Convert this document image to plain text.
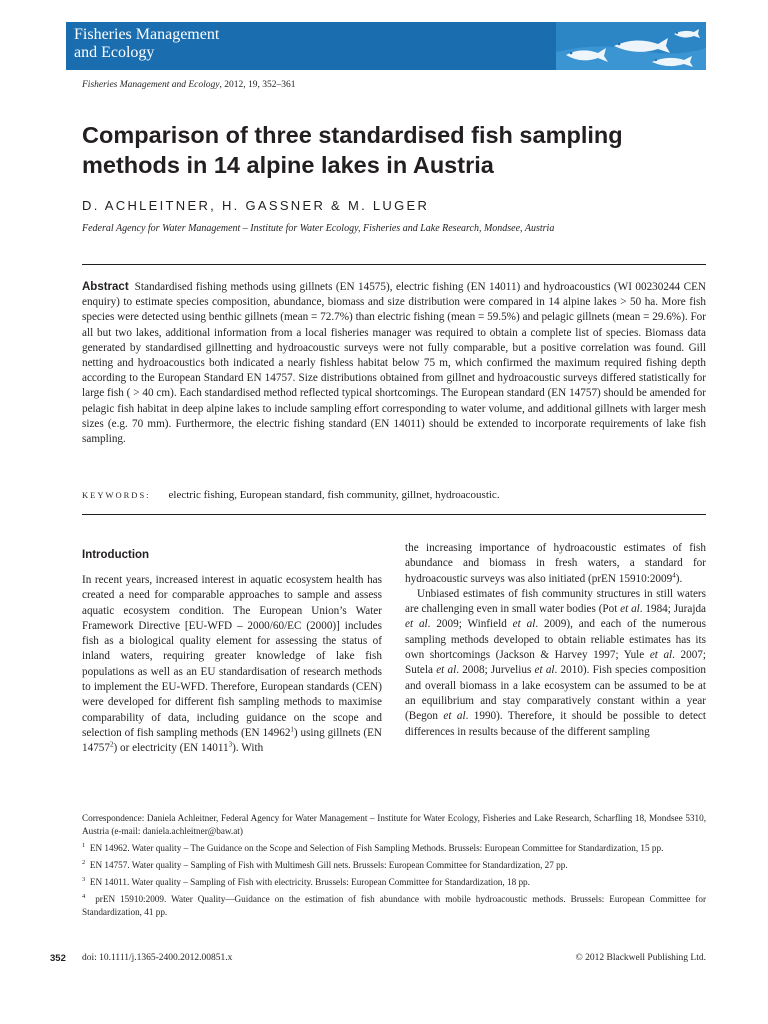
Fisheries Management
and Ecology
Fisheries Management and Ecology, 2012, 19, 352–361
Comparison of three standardised fish sampling methods in 14 alpine lakes in Austria
D. ACHLEITNER, H. GASSNER & M. LUGER
Federal Agency for Water Management – Institute for Water Ecology, Fisheries and Lake Research, Mondsee, Austria
Abstract Standardised fishing methods using gillnets (EN 14575), electric fishing (EN 14011) and hydroacoustics (WI 00230244 CEN enquiry) to estimate species composition, abundance, biomass and size distribution were compared in 14 alpine lakes > 50 ha. More fish species were detected using benthic gillnets (mean = 72.7%) than electric fishing (mean = 59.5%) and pelagic gillnets (mean = 29.6%). For all but two lakes, additional information from a local fisheries manager was required to obtain a complete list of species. Biomass data generated by standardised gillnetting and hydroacoustic surveys were not fully comparable, but a positive correlation was found. Gill netting and hydroacoustics both indicated a nearly fishless habitat below 75 m, which confirmed the maximum required fishing depth according to the European Standard EN 14757. Size distributions obtained from gillnet and hydroacoustic surveys differed statistically for large fish ( > 40 cm). Each standardised method reflected typical shortcomings. The European standard (EN 14757) should be amended for pelagic fish habitat in deep alpine lakes to include sampling effort corresponding to water volume, and additional gillnets with larger mesh sizes (e.g. 70 mm). Furthermore, the electric fishing standard (EN 14011) should be extended to incorporate requirements of lake fish sampling.
KEYWORDS: electric fishing, European standard, fish community, gillnet, hydroacoustic.
Introduction

In recent years, increased interest in aquatic ecosystem health has created a need for comparable approaches to sample and assess aquatic ecosystem condition. The European Union’s Water Framework Directive [EU-WFD – 2000/60/EC (2000)] includes fish as a biological quality element for assessing the status of inland waters, requiring greater knowledge of lake fish populations as well as an EU standardisation of research methods to implement the EU-WFD. Therefore, European standards (CEN) were developed for different fish sampling methods to maximise comparability of data, including guidance on the scope and selection of fish sampling methods (EN 14962$^1$) using gillnets (EN 14757$^2$) or electricity (EN 14011$^3$). With

the increasing importance of hydroacoustic estimates of fish abundance and biomass in fresh waters, a standard for hydroacoustic surveys was also initiated (prEN 15910:2009$^4$).

Unbiased estimates of fish community structures in still waters are challenging even in small water bodies (Pot et al. 1984; Jurajda et al. 2009; Winfield et al. 2009), and each of the numerous sampling methods developed to obtain reliable estimates has its own shortcomings (Jackson & Harvey 1997; Yule et al. 2007; Sutela et al. 2008; Jurvelius et al. 2010). Fish species composition and overall biomass in a lake ecosystem can be assumed to be at an equilibrium and stay comparatively constant within a year (Begon et al. 1990). Therefore, it should be possible to detect differences in results because of the different sampling

Correspondence: Daniela Achleitner, Federal Agency for Water Management – Institute for Water Ecology, Fisheries and Lake Research, Scharfling 18, Mondsee 5310, Austria (e-mail: daniela.achleitner@baw.at)

$^1$ EN 14962. Water quality – The Guidance on the Scope and Selection of Fish Sampling Methods. Brussels: European Committee for Standardization, 15 pp.

$^2$ EN 14757. Water quality – Sampling of Fish with Multimesh Gill nets. Brussels: European Committee for Standardization, 27 pp.

$^3$ EN 14011. Water quality – Sampling of Fish with electricity. Brussels: European Committee for Standardization, 18 pp.

$^4$ prEN 15910:2009. Water Quality—Guidance on the estimation of fish abundance with mobile hydroacoustic methods. Brussels: European Committee for Standardization, 41 pp.

352 doi: 10.1111/j.1365-2400.2012.00851.x	© 2012 Blackwell Publishing Ltd.
